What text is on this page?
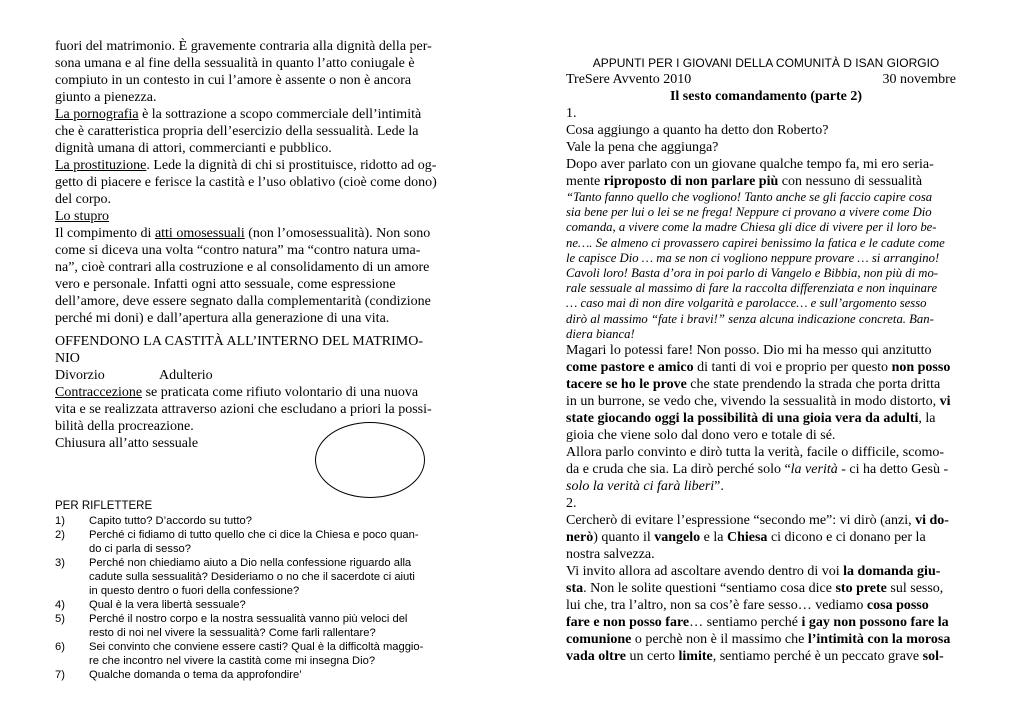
fuori del matrimonio. È gravemente contraria alla dignità della per-

sona umana e al fine della sessualità in quanto l’atto coniugale è

compiuto in un contesto in cui l’amore è assente o non è ancora

giunto a pienezza.

La pornografia è la sottrazione a scopo commerciale dell’intimità

che è caratteristica propria dell’esercizio della sessualità. Lede la

dignità umana di attori, commercianti e pubblico.

La prostituzione. Lede la dignità di chi si prostituisce, ridotto ad og-

getto di piacere e ferisce la castità e l’uso oblativo (cioè come dono)

del corpo.

Lo stupro

Il compimento di atti omosessuali (non l’omosessualità). Non sono

come si diceva una volta “contro natura” ma “contro natura uma-

na”, cioè contrari alla costruzione e al consolidamento di un amore

vero e personale. Infatti ogni atto sessuale, come espressione

dell’amore, deve essere segnato dalla complementarità (condizione

perché mi doni) e dall’apertura alla generazione di una vita.

OFFENDONO LA CASTITÀ ALL’INTERNO DEL MATRIMO-

NIO

Divorzio	Adulterio

Contraccezione se praticata come rifiuto volontario di una nuova

vita e se realizzata attraverso azioni che escludano a priori la possi-

bilità della procreazione.

Chiusura all’atto sessuale

PER RIFLETTERE

1)	Capito tutto? D’accordo su tutto?
2)	Perché ci fidiamo di tutto quello che ci dice la Chiesa e poco quan-
do ci parla di sesso?
3)	Perché non chiediamo aiuto a Dio nella confessione riguardo alla
cadute sulla sessualità? Desideriamo o no che il sacerdote ci aiuti
in questo dentro o fuori della confessione?
4)	Qual è la vera libertà sessuale?
5)	Perché il nostro corpo e la nostra sessualità vanno più veloci del
resto di noi nel vivere la sessualità? Come farli rallentare?
6)	Sei convinto che conviene essere casti? Qual è la difficoltà maggio-
re che incontro nel vivere la castità come mi insegna Dio?
7)	Qualche domanda o tema da approfondire’

APPUNTI PER I GIOVANI DELLA COMUNITÀ D ISAN GIORGIO

TreSere Avvento 2010	30 novembre

Il sesto comandamento (parte 2)

1.

Cosa aggiungo a quanto ha detto don Roberto?

Vale la pena che aggiunga?

Dopo aver parlato con un giovane qualche tempo fa, mi ero seria-

mente riproposto di non parlare più con nessuno di sessualità

“Tanto fanno quello che vogliono! Tanto anche se gli faccio capire cosa

sia bene per lui o lei se ne frega! Neppure ci provano a vivere come Dio

comanda, a vivere come la madre Chiesa gli dice di vivere per il loro be-

ne…. Se almeno ci provassero capirei benissimo la fatica e le cadute come

le capisce Dio … ma se non ci vogliono neppure provare … si arrangino!

Cavoli loro! Basta d’ora in poi parlo di Vangelo e Bibbia, non più di mo-

rale sessuale al massimo di fare la raccolta differenziata e non inquinare

… caso mai di non dire volgarità e parolacce… e sull’argomento sesso

dirò al massimo “fate i bravi!” senza alcuna indicazione concreta. Ban-

diera bianca!

Magari lo potessi fare! Non posso. Dio mi ha messo qui anzitutto

come pastore e amico di tanti di voi e proprio per questo non posso

tacere se ho le prove che state prendendo la strada che porta dritta

in un burrone, se vedo che, vivendo la sessualità in modo distorto, vi

state giocando oggi la possibilità di una gioia vera da adulti, la

gioia che viene solo dal dono vero e totale di sé.

Allora parlo convinto e dirò tutta la verità, facile o difficile, scomo-

da e cruda che sia. La dirò perché solo “la verità - ci ha detto Gesù -

solo la verità ci farà liberi”.

2.

Cercherò di evitare l’espressione “secondo me”: vi dirò (anzi, vi do-

nerò) quanto il vangelo e la Chiesa ci dicono e ci donano per la

nostra salvezza.

Vi invito allora ad ascoltare avendo dentro di voi la domanda giu-

sta. Non le solite questioni “sentiamo cosa dice sto prete sul sesso,

lui che, tra l’altro, non sa cos’è fare sesso… vediamo cosa posso

fare e non posso fare… sentiamo perché i gay non possono fare la

comunione o perchè non è il massimo che l’intimità con la morosa

vada oltre un certo limite, sentiamo perché è un peccato grave sol-
